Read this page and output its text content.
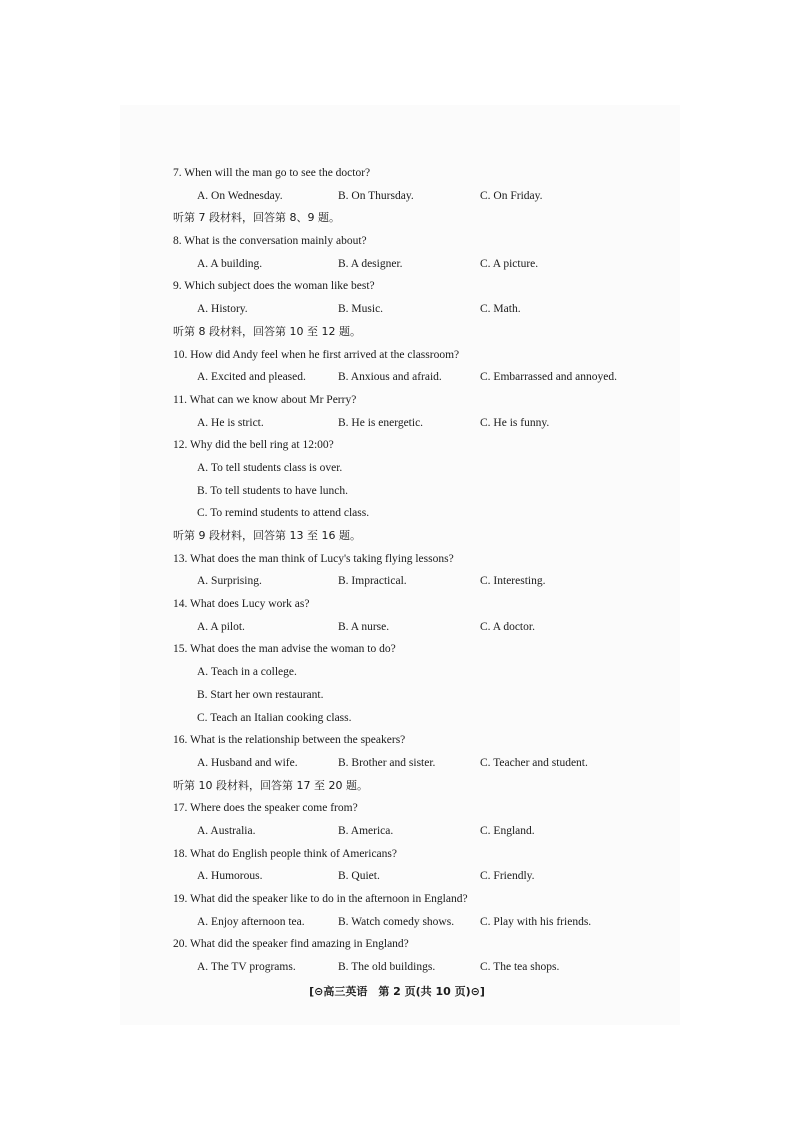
7. When will the man go to see the doctor?
A. On Wednesday.	B. On Thursday.	C. On Friday.
听第 7 段材料，回答第 8、9 题。
8. What is the conversation mainly about?
A. A building.	B. A designer.	C. A picture.
9. Which subject does the woman like best?
A. History.	B. Music.	C. Math.
听第 8 段材料，回答第 10 至 12 题。
10. How did Andy feel when he first arrived at the classroom?
A. Excited and pleased.	B. Anxious and afraid.	C. Embarrassed and annoyed.
11. What can we know about Mr Perry?
A. He is strict.	B. He is energetic.	C. He is funny.
12. Why did the bell ring at 12:00?
A. To tell students class is over.
B. To tell students to have lunch.
C. To remind students to attend class.
听第 9 段材料，回答第 13 至 16 题。
13. What does the man think of Lucy's taking flying lessons?
A. Surprising.	B. Impractical.	C. Interesting.
14. What does Lucy work as?
A. A pilot.	B. A nurse.	C. A doctor.
15. What does the man advise the woman to do?
A. Teach in a college.
B. Start her own restaurant.
C. Teach an Italian cooking class.
16. What is the relationship between the speakers?
A. Husband and wife.	B. Brother and sister.	C. Teacher and student.
听第 10 段材料，回答第 17 至 20 题。
17. Where does the speaker come from?
A. Australia.	B. America.	C. England.
18. What do English people think of Americans?
A. Humorous.	B. Quiet.	C. Friendly.
19. What did the speaker like to do in the afternoon in England?
A. Enjoy afternoon tea.	B. Watch comedy shows.	C. Play with his friends.
20. What did the speaker find amazing in England?
A. The TV programs.	B. The old buildings.	C. The tea shops.
[⊝高三英语　第 2 页(共 10 页)⊝]
